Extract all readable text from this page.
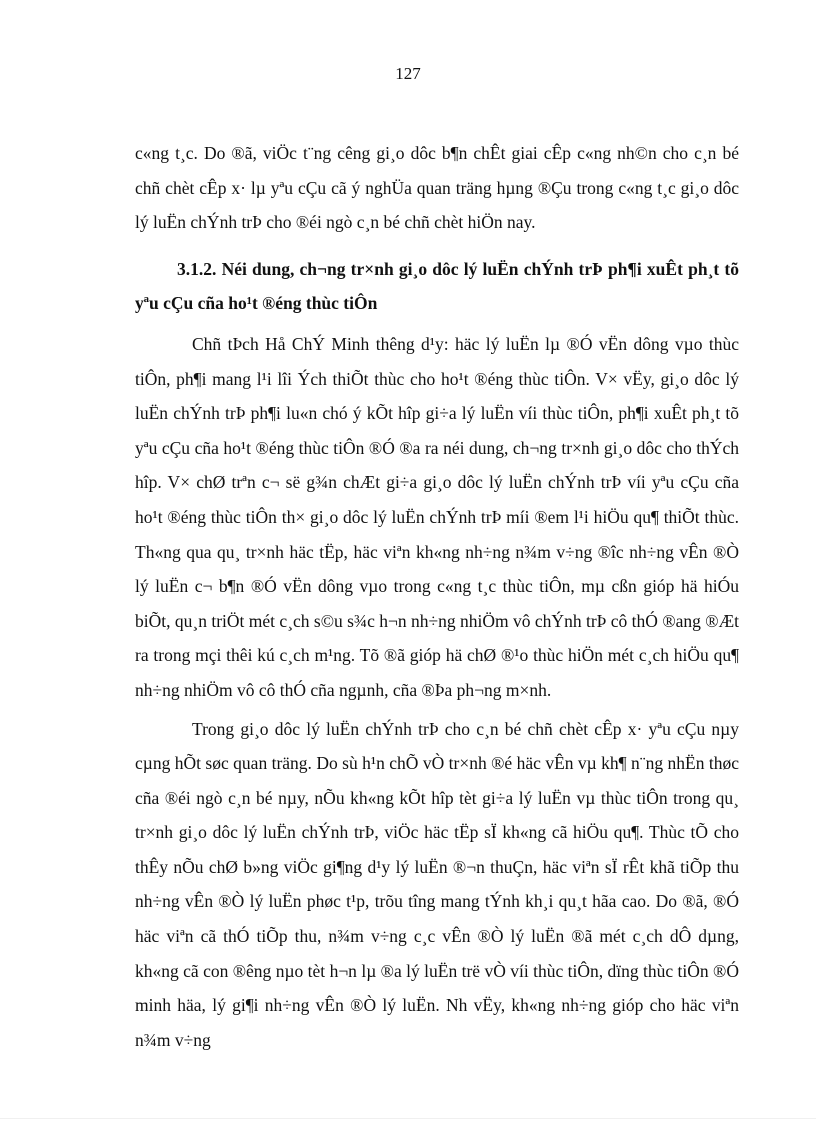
127

c«ng t¸c. Do ®ã, viÖc t¨ng cêng gi¸o dôc b¶n chÊt giai cÊp c«ng nh©n cho c¸n bé chñ chèt cÊp x· lµ yªu cÇu cã ý nghÜa quan träng hµng ®Çu trong c«ng t¸c gi¸o dôc lý luËn chÝnh trÞ cho ®éi ngò c¸n bé chñ chèt hiÖn nay.

3.1.2. Néi dung, ch¬ng tr×nh gi¸o dôc lý luËn chÝnh trÞ ph¶i xuÊt ph¸t tõ yªu cÇu cña ho¹t ®éng thùc tiÔn

Chñ tÞch Hå ChÝ Minh thêng d¹y: häc lý luËn lµ ®Ó vËn dông vµo thùc tiÔn, ph¶i mang l¹i lîi Ých thiÕt thùc cho ho¹t ®éng thùc tiÔn. V× vËy, gi¸o dôc lý luËn chÝnh trÞ ph¶i lu«n chó ý kÕt hîp gi÷a lý luËn víi thùc tiÔn, ph¶i xuÊt ph¸t tõ yªu cÇu cña ho¹t ®éng thùc tiÔn ®Ó ®a ra néi dung, ch¬ng tr×nh gi¸o dôc cho thÝch hîp. V× chØ trªn c¬ së g¾n chÆt gi÷a gi¸o dôc lý luËn chÝnh trÞ víi yªu cÇu cña ho¹t ®éng thùc tiÔn th× gi¸o dôc lý luËn chÝnh trÞ míi ®em l¹i hiÖu qu¶ thiÕt thùc. Th«ng qua qu¸ tr×nh häc tËp, häc viªn kh«ng nh÷ng n¾m v÷ng ®îc nh÷ng vÊn ®Ò lý luËn c¬ b¶n ®Ó vËn dông vµo trong c«ng t¸c thùc tiÔn, mµ cßn gióp hä hiÓu biÕt, qu¸n triÖt mét c¸ch s©u s¾c h¬n nh÷ng nhiÖm vô chÝnh trÞ cô thÓ ®ang ®Æt ra trong mçi thêi kú c¸ch m¹ng. Tõ ®ã gióp hä chØ ®¹o thùc hiÖn mét c¸ch hiÖu qu¶ nh÷ng nhiÖm vô cô thÓ cña ngµnh, cña ®Þa ph¬ng m×nh.

Trong gi¸o dôc lý luËn chÝnh trÞ cho c¸n bé chñ chèt cÊp x· yªu cÇu nµy cµng hÕt søc quan träng. Do sù h¹n chÕ vÒ tr×nh ®é häc vÊn vµ kh¶ n¨ng nhËn thøc cña ®éi ngò c¸n bé nµy, nÕu kh«ng kÕt hîp tèt gi÷a lý luËn vµ thùc tiÔn trong qu¸ tr×nh gi¸o dôc lý luËn chÝnh trÞ, viÖc häc tËp sÏ kh«ng cã hiÖu qu¶. Thùc tÕ cho thÊy nÕu chØ b»ng viÖc gi¶ng d¹y lý luËn ®¬n thuÇn, häc viªn sÏ rÊt khã tiÕp thu nh÷ng vÊn ®Ò lý luËn phøc t¹p, trõu tîng mang tÝnh kh¸i qu¸t hãa cao. Do ®ã, ®Ó häc viªn cã thÓ tiÕp thu, n¾m v÷ng c¸c vÊn ®Ò lý luËn ®ã mét c¸ch dÔ dµng, kh«ng cã con ®êng nµo tèt h¬n lµ ®a lý luËn trë vÒ víi thùc tiÔn, dïng thùc tiÔn ®Ó minh häa, lý gi¶i nh÷ng vÊn ®Ò lý luËn. Nh vËy, kh«ng nh÷ng gióp cho häc viªn n¾m v÷ng
